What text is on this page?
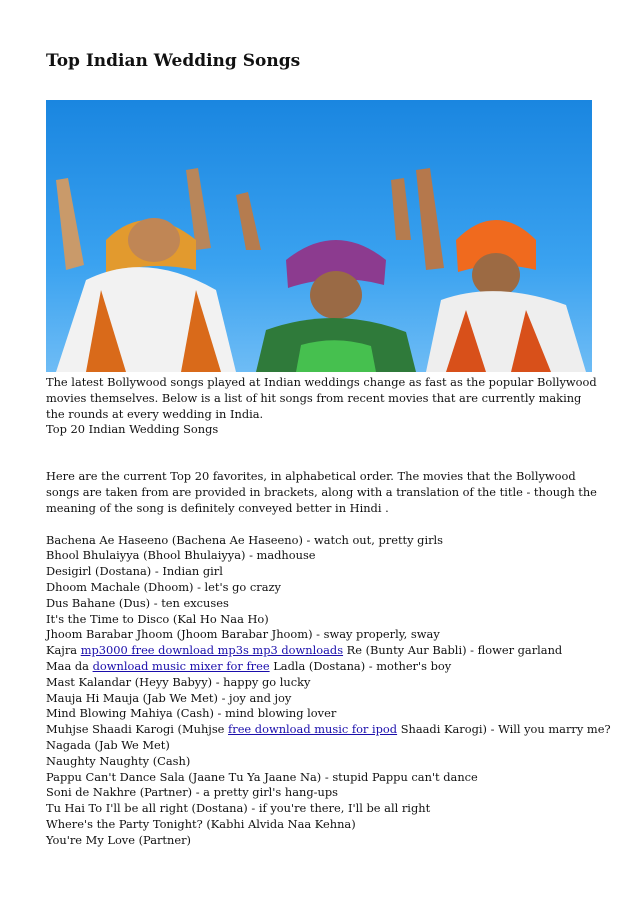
Top Indian Wedding Songs

The latest Bollywood songs played at Indian weddings change as fast as the popular Bollywood movies themselves. Below is a list of hit songs from recent movies that are currently making the rounds at every wedding in India.

Top 20 Indian Wedding Songs

Here are the current Top 20 favorites, in alphabetical order. The movies that the Bollywood songs are taken from are provided in brackets, along with a translation of the title - though the meaning of the song is definitely conveyed better in Hindi .

Bachena Ae Haseeno (Bachena Ae Haseeno) - watch out, pretty girls
Bhool Bhulaiyya (Bhool Bhulaiyya) - madhouse
Desigirl (Dostana) - Indian girl
Dhoom Machale (Dhoom) - let's go crazy
Dus Bahane (Dus) - ten excuses
It's the Time to Disco (Kal Ho Naa Ho)
Jhoom Barabar Jhoom (Jhoom Barabar Jhoom) - sway properly, sway
Kajra mp3000 free download mp3s mp3 downloads Re (Bunty Aur Babli) - flower garland
Maa da download music mixer for free Ladla (Dostana) - mother's boy
Mast Kalandar (Heyy Babyy) - happy go lucky
Mauja Hi Mauja (Jab We Met) - joy and joy
Mind Blowing Mahiya (Cash) - mind blowing lover
Muhjse Shaadi Karogi (Muhjse free download music for ipod Shaadi Karogi) - Will you marry me?
Nagada (Jab We Met)
Naughty Naughty (Cash)
Pappu Can't Dance Sala (Jaane Tu Ya Jaane Na) - stupid Pappu can't dance
Soni de Nakhre (Partner) - a pretty girl's hang-ups
Tu Hai To I'll be all right (Dostana) - if you're there, I'll be all right
Where's the Party Tonight? (Kabhi Alvida Naa Kehna)
You're My Love (Partner)
